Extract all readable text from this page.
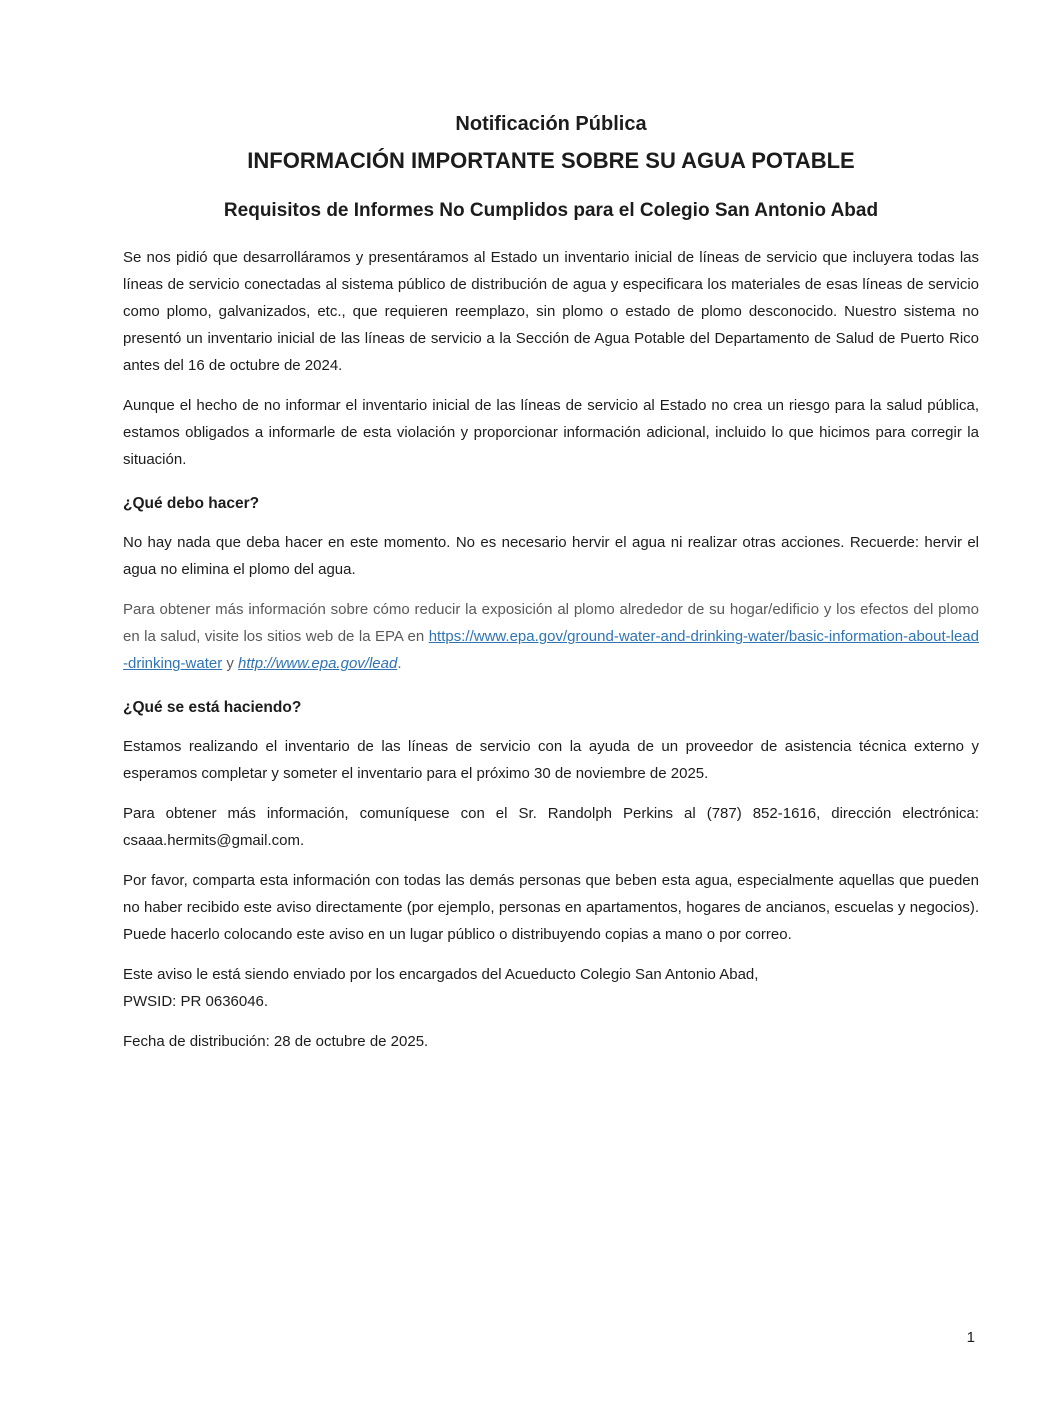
Notificación Pública
INFORMACIÓN IMPORTANTE SOBRE SU AGUA POTABLE
Requisitos de Informes No Cumplidos para el Colegio San Antonio Abad

Se nos pidió que desarrolláramos y presentáramos al Estado un inventario inicial de líneas de servicio que incluyera todas las líneas de servicio conectadas al sistema público de distribución de agua y especificara los materiales de esas líneas de servicio como plomo, galvanizados, etc., que requieren reemplazo, sin plomo o estado de plomo desconocido. Nuestro sistema no presentó un inventario inicial de las líneas de servicio a la Sección de Agua Potable del Departamento de Salud de Puerto Rico antes del 16 de octubre de 2024.

Aunque el hecho de no informar el inventario inicial de las líneas de servicio al Estado no crea un riesgo para la salud pública, estamos obligados a informarle de esta violación y proporcionar información adicional, incluido lo que hicimos para corregir la situación.

¿Qué debo hacer?

No hay nada que deba hacer en este momento. No es necesario hervir el agua ni realizar otras acciones. Recuerde: hervir el agua no elimina el plomo del agua.

Para obtener más información sobre cómo reducir la exposición al plomo alrededor de su hogar/edificio y los efectos del plomo en la salud, visite los sitios web de la EPA en https://www.epa.gov/ground-water-and-drinking-water/basic-information-about-lead-drinking-water y http://www.epa.gov/lead.

¿Qué se está haciendo?

Estamos realizando el inventario de las líneas de servicio con la ayuda de un proveedor de asistencia técnica externo y esperamos completar y someter el inventario para el próximo 30 de noviembre de 2025.

Para obtener más información, comuníquese con el Sr. Randolph Perkins al (787) 852-1616, dirección electrónica: csaaa.hermits@gmail.com.

Por favor, comparta esta información con todas las demás personas que beben esta agua, especialmente aquellas que pueden no haber recibido este aviso directamente (por ejemplo, personas en apartamentos, hogares de ancianos, escuelas y negocios). Puede hacerlo colocando este aviso en un lugar público o distribuyendo copias a mano o por correo.

Este aviso le está siendo enviado por los encargados del Acueducto Colegio San Antonio Abad,
PWSID: PR 0636046.

Fecha de distribución: 28 de octubre de 2025.

1
